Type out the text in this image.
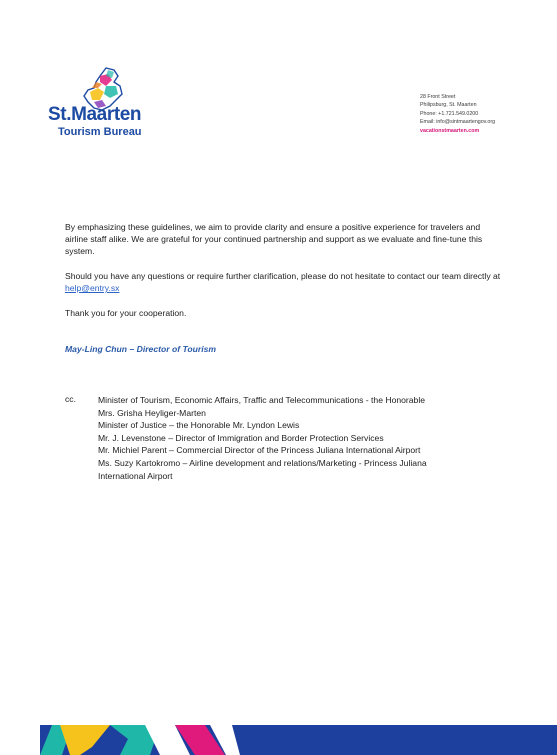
St.Maarten
Tourism Bureau
28 Front Street
Philipsburg, St. Maarten
Phone: +1.721.549.0200
Email: info@sintmaartengov.org
vacationstmaarten.com
By emphasizing these guidelines, we aim to provide clarity and ensure a positive experience for travelers and airline staff alike. We are grateful for your continued partnership and support as we evaluate and fine-tune this system.
Should you have any questions or require further clarification, please do not hesitate to contact our team directly at help@entry.sx
Thank you for your cooperation.
May-Ling Chun – Director of Tourism
cc.	Minister of Tourism, Economic Affairs, Traffic and Telecommunications - the Honorable
Mrs. Grisha Heyliger-Marten
Minister of Justice – the Honorable Mr. Lyndon Lewis
Mr. J. Levenstone – Director of Immigration and Border Protection Services
Mr. Michiel Parent – Commercial Director of the Princess Juliana International Airport
Ms. Suzy Kartokromo – Airline development and relations/Marketing - Princess Juliana
International Airport
